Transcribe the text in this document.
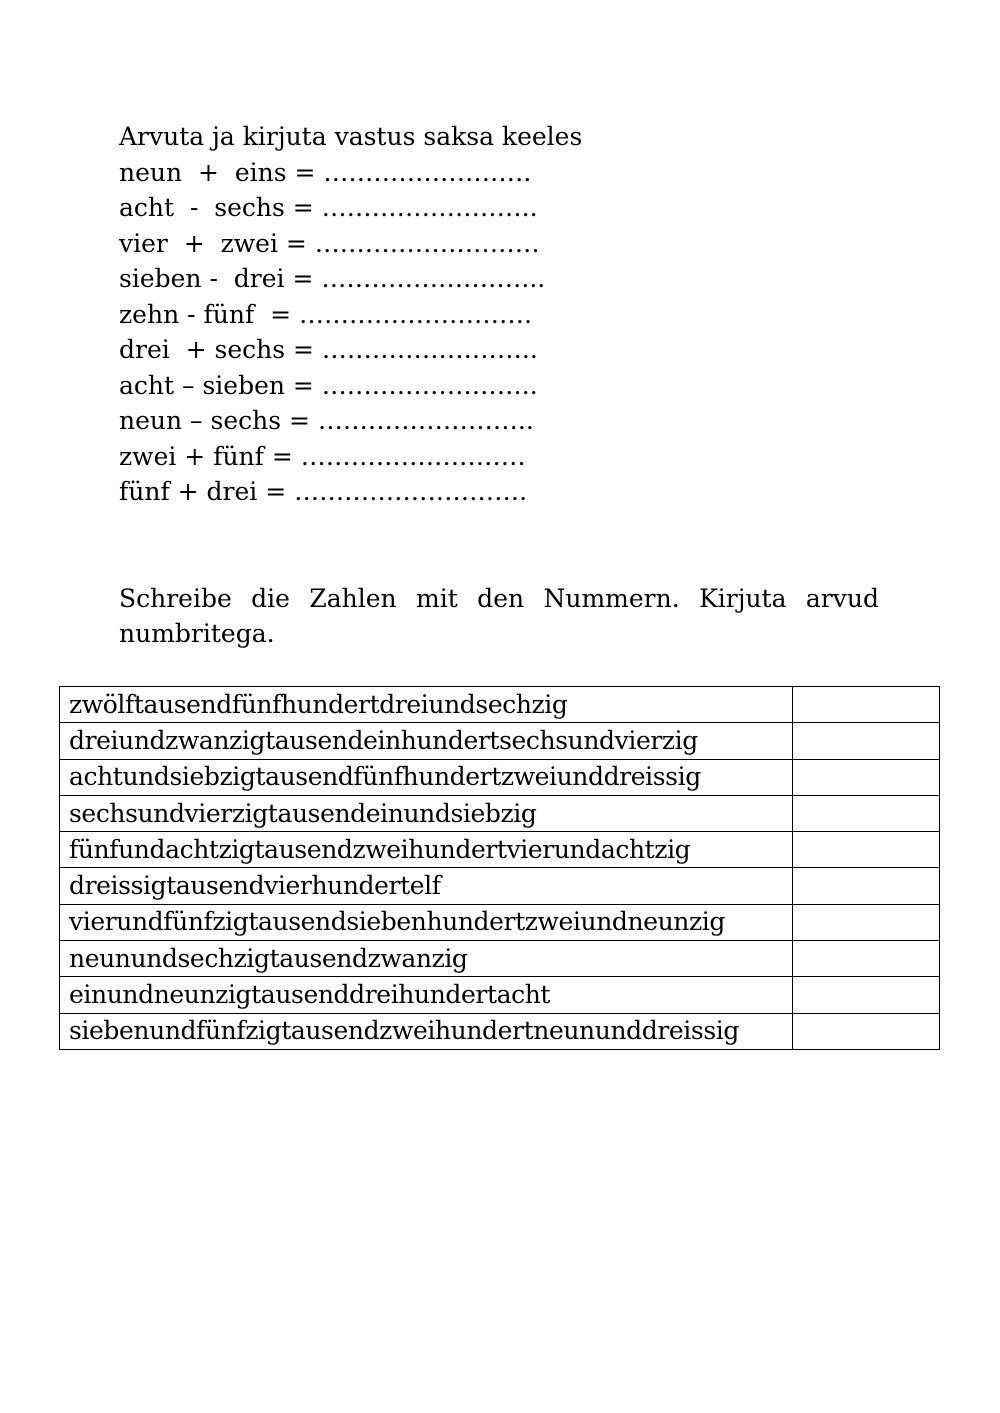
Arvuta ja kirjuta vastus saksa keeles
neun  +  eins = …………………….
acht  -  sechs = ……………………..
vier  +  zwei = ………………………
sieben -  drei = ……………………...
zehn - fünf  = ……………………….
drei  + sechs = ……………………..
acht – sieben = ……………………..
neun – sechs = ……………………..
zwei + fünf = ………………………
fünf + drei = ……………………….
Schreibe die Zahlen mit den Nummern. Kirjuta arvud numbritega.
zwölftausendfünfhundertdreiundsechzig	
dreiundzwanzigtausendeinhundertsechsundvierzig	
achtundsiebzigtausendfünfhundertzweiunddreissig	
sechsundvierzigtausendeinundsiebzig	
fünfundachtzigtausendzweihundertvierundachtzig	
dreissigtausendvierhundertelf	
vierundfünfzigtausendsiebenhundertzweiundneunzig	
neunundsechzigtausendzwanzig	
einundneunzigtausenddreihundertacht	
siebenundfünfzigtausendzweihundertneununddreissig	
